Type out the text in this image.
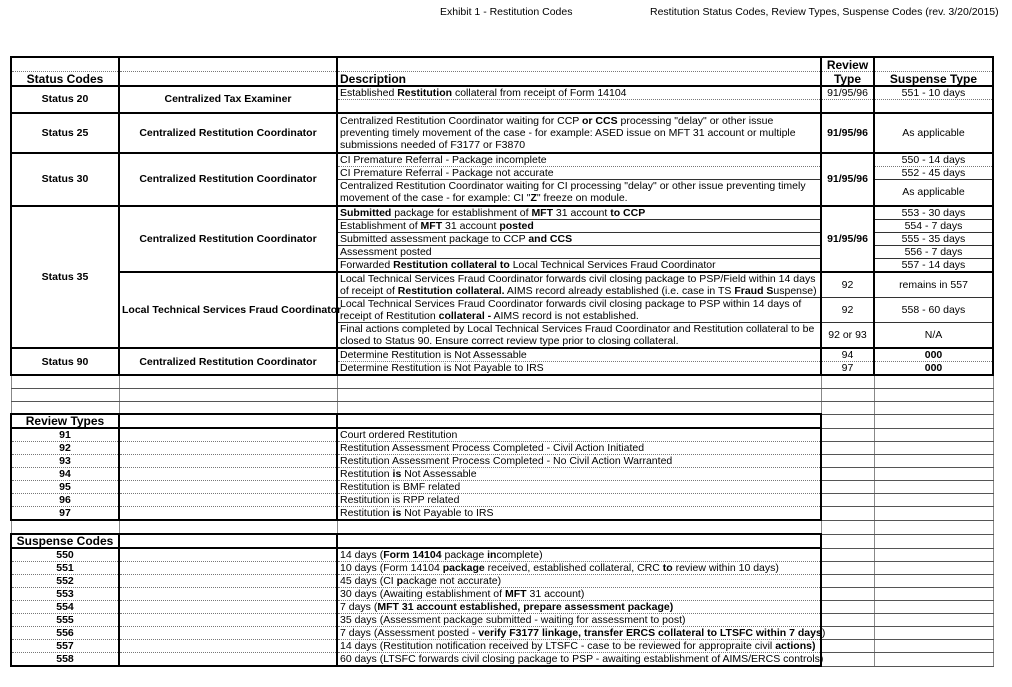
Exhibit 1 - Restitution Codes	Restitution Status Codes, Review Types, Suspense Codes (rev. 3/20/2015)
			Review	
Status Codes		Description	Type	Suspense Type
Status 20	Centralized Tax Examiner	Established Restitution collateral from receipt of Form 14104	91/95/96	551 - 10 days

Status 25	Centralized Restitution Coordinator	Centralized Restitution Coordinator waiting for CCP or CCS processing "delay" or other issue preventing timely movement of the case - for example: ASED issue on MFT 31 account or multiple submissions needed of F3177 or F3870	91/95/96	As applicable
Status 30	Centralized Restitution Coordinator	CI Premature Referral - Package incomplete	91/95/96	550 - 14 days
		CI Premature Referral - Package not accurate		552 - 45 days
		Centralized Restitution Coordinator waiting for CI processing "delay" or other issue preventing timely movement of the case - for example: CI "Z" freeze on module.		As applicable
Status 35	Centralized Restitution Coordinator	Submitted package for establishment of MFT 31 account to CCP	91/95/96	553 - 30 days
		Establishment of MFT 31 account posted		554 - 7 days
		Submitted assessment package to CCP and CCS		555 - 35 days
		Assessment posted		556 - 7 days
		Forwarded Restitution collateral to Local Technical Services Fraud Coordinator		557 - 14 days
	Local Technical Services Fraud Coordinator	Local Technical Services Fraud Coordinator forwards civil closing package to PSP/Field within 14 days of receipt of Restitution collateral. AIMS record already established (i.e. case in TS Fraud Suspense)	92	remains in 557
		Local Technical Services Fraud Coordinator forwards civil closing package to PSP within 14 days of receipt of Restitution collateral - AIMS record is not established.	92	558 - 60 days
		Final actions completed by Local Technical Services Fraud Coordinator and Restitution collateral to be closed to Status 90. Ensure correct review type prior to closing collateral.	92 or 93	N/A
Status 90	Centralized Restitution Coordinator	Determine Restitution is Not Assessable	94	000
		Determine Restitution is Not Payable to IRS	97	000

Review Types				
91		Court ordered Restitution		
92		Restitution Assessment Process Completed - Civil Action Initiated		
93		Restitution Assessment Process Completed - No Civil Action Warranted		
94		Restitution is Not Assessable		
95		Restitution is BMF related		
96		Restitution is RPP related		
97		Restitution is Not Payable to IRS		

Suspense Codes				
550		14 days (Form 14104 package incomplete)		
551		10 days (Form 14104 package received, established collateral, CRC to review within 10 days)		
552		45 days (CI package not accurate)		
553		30 days (Awaiting establishment of MFT 31 account)		
554		7 days (MFT 31 account established, prepare assessment package)		
555		35 days (Assessment package submitted - waiting for assessment to post)		
556		7 days (Assessment posted - verify F3177 linkage, transfer ERCS collateral to LTSFC within 7 days)		
557		14 days (Restitution notification received by LTSFC - case to be reviewed for appropraite civil actions)		
558		60 days (LTSFC forwards civil closing package to PSP - awaiting establishment of AIMS/ERCS controls)		
